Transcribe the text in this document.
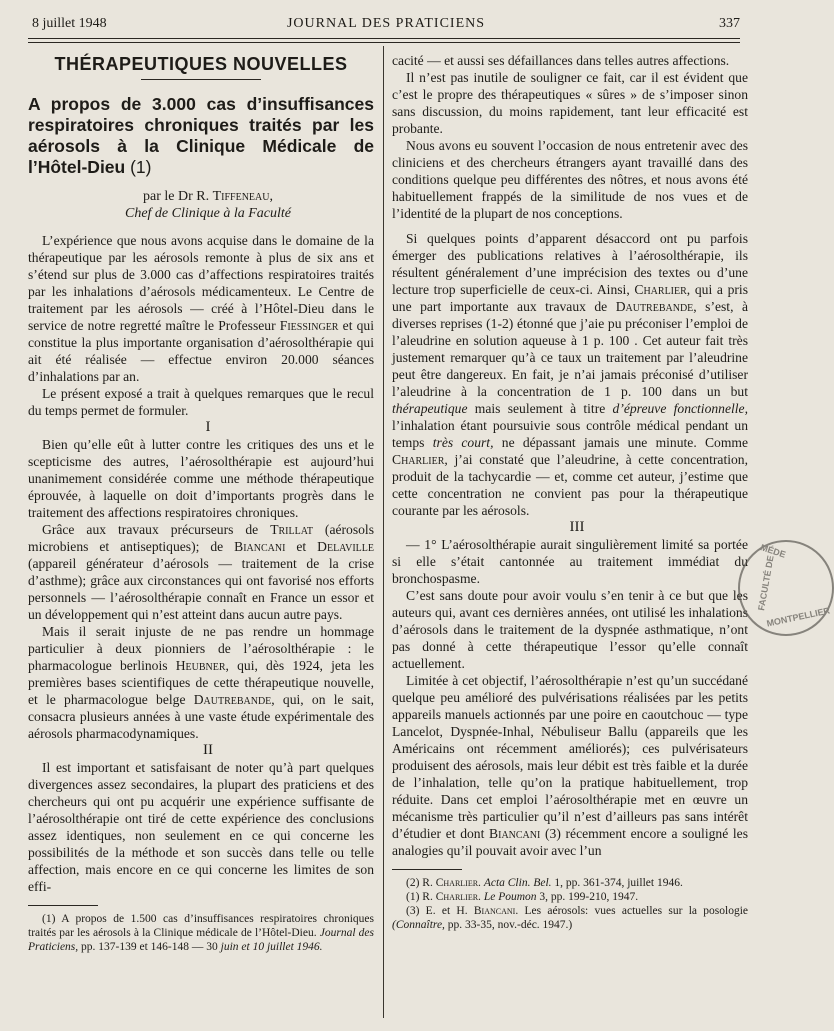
8 juillet 1948	JOURNAL DES PRATICIENS	337
THÉRAPEUTIQUES NOUVELLES
A propos de 3.000 cas d’insuffisances respiratoires chroniques traités par les aérosols à la Clinique Médicale de l’Hôtel-Dieu (1)

par le Dr R. Tiffeneau,

Chef de Clinique à la Faculté

L’expérience que nous avons acquise dans le domaine de la thérapeutique par les aérosols remonte à plus de six ans et s’étend sur plus de 3.000 cas d’affections respiratoires traités par les inhalations d’aérosols médicamenteux. Le Centre de traitement par les aérosols — créé à l’Hôtel-Dieu dans le service de notre regretté maître le Professeur Fiessinger et qui constitue la plus importante organisation d’aérosolthérapie qui ait été réalisée — effectue environ 20.000 séances d’inhalations par an.

Le présent exposé a trait à quelques remarques que le recul du temps permet de formuler.

I

Bien qu’elle eût à lutter contre les critiques des uns et le scepticisme des autres, l’aérosolthérapie est aujourd’hui unanimement considérée comme une méthode thérapeutique éprouvée, à laquelle on doit d’importants progrès dans le traitement des affections respiratoires chroniques.

Grâce aux travaux précurseurs de Trillat (aérosols microbiens et antiseptiques); de Biancani et Delaville (appareil générateur d’aérosols — traitement de la crise d’asthme); grâce aux circonstances qui ont favorisé nos efforts personnels — l’aérosolthérapie connaît en France un essor et un développement qui n’est atteint dans aucun autre pays.

Mais il serait injuste de ne pas rendre un hommage particulier à deux pionniers de l’aérosolthérapie : le pharmacologue berlinois Heubner, qui, dès 1924, jeta les premières bases scientifiques de cette thérapeutique nouvelle, et le pharmacologue belge Dautrebande, qui, on le sait, consacra plusieurs années à une vaste étude expérimentale des aérosols pharmacodynamiques.

II

Il est important et satisfaisant de noter qu’à part quelques divergences assez secondaires, la plupart des praticiens et des chercheurs qui ont pu acquérir une expérience suffisante de l’aérosolthérapie ont tiré de cette expérience des conclusions assez identiques, non seulement en ce qui concerne les possibilités de la méthode et son succès dans telle ou telle affection, mais encore en ce qui concerne les limites de son effi-

(1) A propos de 1.500 cas d’insuffisances respiratoires chroniques traités par les aérosols à la Clinique médicale de l’Hôtel-Dieu. Journal des Praticiens, pp. 137-139 et 146-148 — 30 juin et 10 juillet 1946.

cacité — et aussi ses défaillances dans telles autres affections.

Il n’est pas inutile de souligner ce fait, car il est évident que c’est le propre des thérapeutiques « sûres » de s’imposer sinon sans discussion, du moins rapidement, tant leur efficacité est probante.

Nous avons eu souvent l’occasion de nous entretenir avec des cliniciens et des chercheurs étrangers ayant travaillé dans des conditions quelque peu différentes des nôtres, et nous avons été habituellement frappés de la similitude de nos vues et de l’identité de la plupart de nos conceptions.

Si quelques points d’apparent désaccord ont pu parfois émerger des publications relatives à l’aérosolthérapie, ils résultent généralement d’une imprécision des textes ou d’une lecture trop superficielle de ceux-ci. Ainsi, Charlier, qui a pris une part importante aux travaux de Dautrebande, s’est, à diverses reprises (1-2) étonné que j’aie pu préconiser l’emploi de l’aleudrine en solution aqueuse à 1 p. 100 . Cet auteur fait très justement remarquer qu’à ce taux un traitement par l’aleudrine peut être dangereux. En fait, je n’ai jamais préconisé d’utiliser l’aleudrine à la concentration de 1 p. 100 dans un but thérapeutique mais seulement à titre d’épreuve fonctionnelle, l’inhalation étant poursuivie sous contrôle médical pendant un temps très court, ne dépassant jamais une minute. Comme Charlier, j’ai constaté que l’aleudrine, à cette concentration, produit de la tachycardie — et, comme cet auteur, j’estime que cette concentration ne convient pas pour la thérapeutique courante par les aérosols.

III

— 1° L’aérosolthérapie aurait singulièrement limité sa portée si elle s’était cantonnée au traitement immédiat du bronchospasme.

C’est sans doute pour avoir voulu s’en tenir à ce but que les auteurs qui, avant ces dernières années, ont utilisé les inhalations d’aérosols dans le traitement de la dyspnée asthmatique, n’ont pas donné à cette thérapeutique l’essor qu’elle connaît actuellement.

Limitée à cet objectif, l’aérosolthérapie n’est qu’un succédané quelque peu amélioré des pulvérisations réalisées par les petits appareils manuels actionnés par une poire en caoutchouc — type Lancelot, Dyspnée-Inhal, Nébuliseur Ballu (appareils que les Américains ont récemment améliorés); ces pulvérisateurs produisent des aérosols, mais leur débit est très faible et la durée de l’inhalation, telle qu’on la pratique habituellement, trop réduite. Dans cet emploi l’aérosolthérapie met en œuvre un mécanisme très particulier qu’il n’est d’ailleurs pas sans intérêt d’étudier et dont Biancani (3) récemment encore a souligné les analogies qu’il pouvait avoir avec l’un

(2) R. Charlier. Acta Clin. Bel. 1, pp. 361-374, juillet 1946.

(1) R. Charlier. Le Poumon 3, pp. 199-210, 1947.

(3) E. et H. Biancani. Les aérosols: vues actuelles sur la posologie (Connaître, pp. 33-35, nov.-déc. 1947.)

MÉDE
FACULTÉ DE
MONTPELLIER
